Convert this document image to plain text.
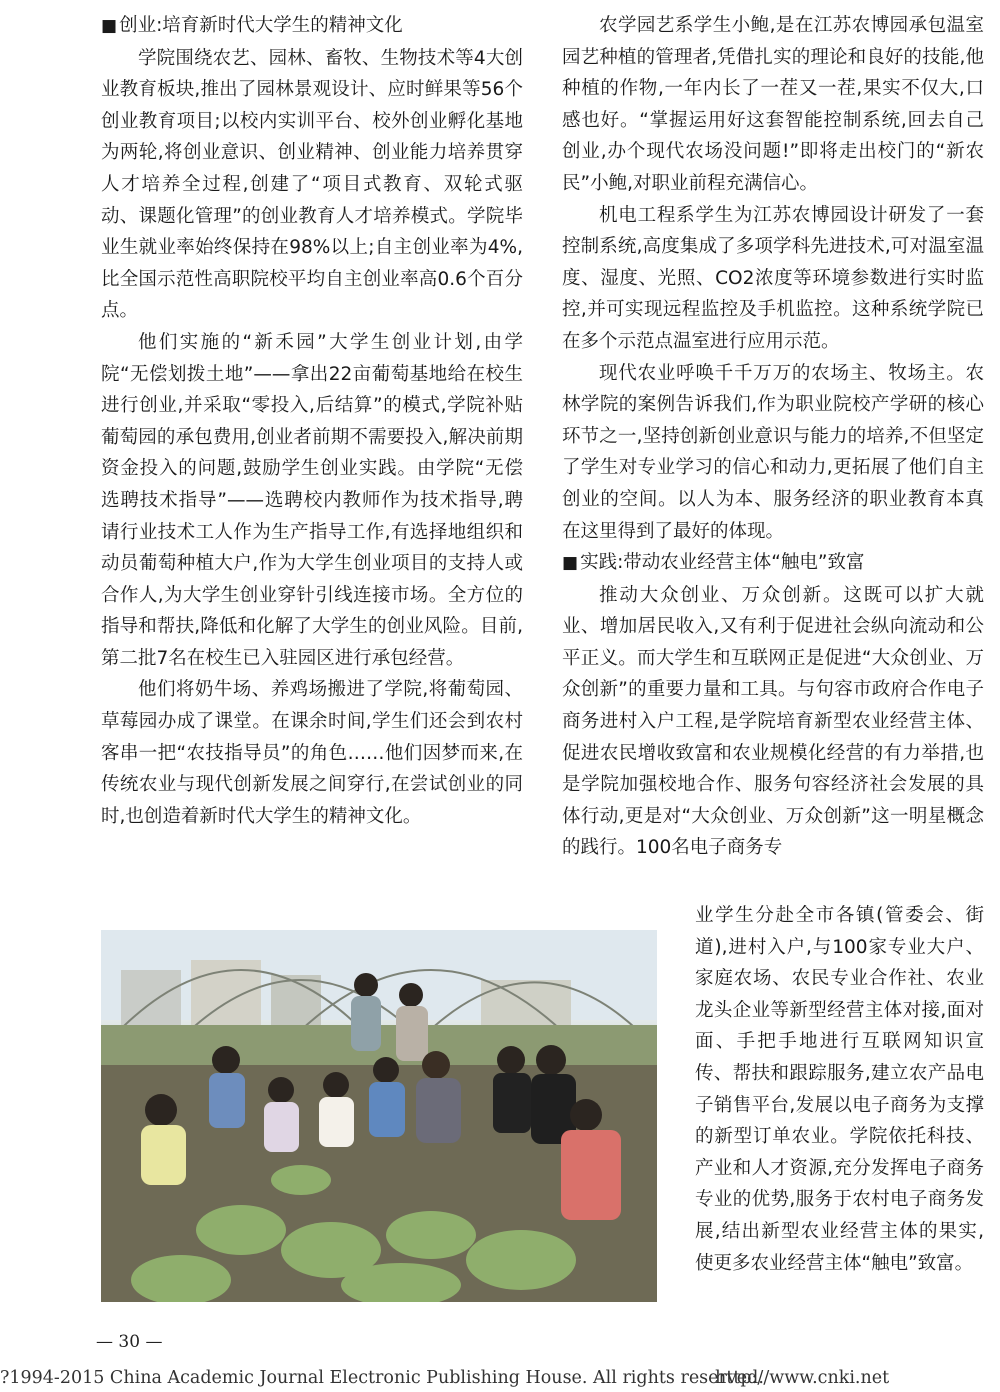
■ 创业:培育新时代大学生的精神文化

学院围绕农艺、园林、畜牧、生物技术等4大创业教育板块,推出了园林景观设计、应时鲜果等56个创业教育项目;以校内实训平台、校外创业孵化基地为两轮,将创业意识、创业精神、创业能力培养贯穿人才培养全过程,创建了“项目式教育、双轮式驱动、课题化管理”的创业教育人才培养模式。学院毕业生就业率始终保持在98%以上;自主创业率为4%,比全国示范性高职院校平均自主创业率高0.6个百分点。

他们实施的“新禾园”大学生创业计划,由学院“无偿划拨土地”——拿出22亩葡萄基地给在校生进行创业,并采取“零投入,后结算”的模式,学院补贴葡萄园的承包费用,创业者前期不需要投入,解决前期资金投入的问题,鼓励学生创业实践。由学院“无偿选聘技术指导”——选聘校内教师作为技术指导,聘请行业技术工人作为生产指导工作,有选择地组织和动员葡萄种植大户,作为大学生创业项目的支持人或合作人,为大学生创业穿针引线连接市场。全方位的指导和帮扶,降低和化解了大学生的创业风险。目前,第二批7名在校生已入驻园区进行承包经营。

他们将奶牛场、养鸡场搬进了学院,将葡萄园、草莓园办成了课堂。在课余时间,学生们还会到农村客串一把“农技指导员”的角色……他们因梦而来,在传统农业与现代创新发展之间穿行,在尝试创业的同时,也创造着新时代大学生的精神文化。

农学园艺系学生小鲍,是在江苏农博园承包温室园艺种植的管理者,凭借扎实的理论和良好的技能,他种植的作物,一年内长了一茬又一茬,果实不仅大,口感也好。“掌握运用好这套智能控制系统,回去自己创业,办个现代农场没问题!”即将走出校门的“新农民”小鲍,对职业前程充满信心。

机电工程系学生为江苏农博园设计研发了一套控制系统,高度集成了多项学科先进技术,可对温室温度、湿度、光照、CO2浓度等环境参数进行实时监控,并可实现远程监控及手机监控。这种系统学院已在多个示范点温室进行应用示范。

现代农业呼唤千千万万的农场主、牧场主。农林学院的案例告诉我们,作为职业院校产学研的核心环节之一,坚持创新创业意识与能力的培养,不但坚定了学生对专业学习的信心和动力,更拓展了他们自主创业的空间。以人为本、服务经济的职业教育本真在这里得到了最好的体现。

■ 实践:带动农业经营主体“触电”致富

推动大众创业、万众创新。这既可以扩大就业、增加居民收入,又有利于促进社会纵向流动和公平正义。而大学生和互联网正是促进“大众创业、万众创新”的重要力量和工具。与句容市政府合作电子商务进村入户工程,是学院培育新型农业经营主体、促进农民增收致富和农业规模化经营的有力举措,也是学院加强校地合作、服务句容经济社会发展的具体行动,更是对“大众创业、万众创新”这一明星概念的践行。100名电子商务专

业学生分赴全市各镇(管委会、街道),进村入户,与100家专业大户、家庭农场、农民专业合作社、农业龙头企业等新型经营主体对接,面对面、手把手地进行互联网知识宣传、帮扶和跟踪服务,建立农产品电子销售平台,发展以电子商务为支撑的新型订单农业。学院依托科技、产业和人才资源,充分发挥电子商务专业的优势,服务于农村电子商务发展,结出新型农业经营主体的果实,使更多农业经营主体“触电”致富。

— 30 —
?1994-2015 China Academic Journal Electronic Publishing House. All rights reserved.
http://www.cnki.net
